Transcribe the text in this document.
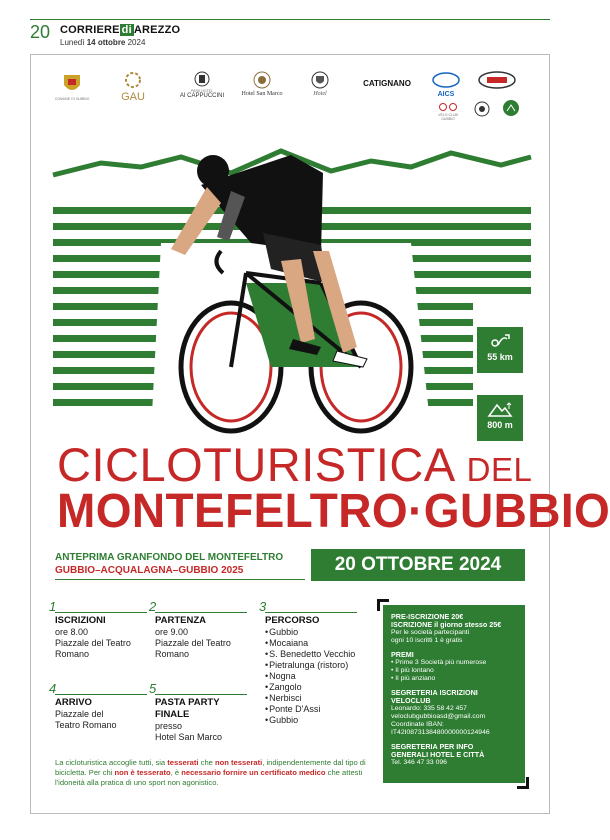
20 CORRIERE di AREZZO
Lunedì 14 ottobre 2024
COMUNE DI GUBBIO	GAU	PARK HOTEL
AI CAPPUCCINI	Hotel San Marco	Hotel
CATIGNANO
AICS
VELO CLUB GUBBIO
55 km
800 m
CICLOTURISTICA DEL
MONTEFELTRO·GUBBIO
ANTEPRIMA GRANFONDO DEL MONTEFELTRO
GUBBIO–ACQUALAGNA–GUBBIO 2025	20 OTTOBRE 2024
1
ISCRIZIONI
ore 8.00
Piazzale del Teatro
Romano
2
PARTENZA
ore 9.00
Piazzale del Teatro
Romano
3
PERCORSO
• Gubbio
• Mocaiana
• S. Benedetto Vecchio
• Pietralunga (ristoro)
• Nogna
• Zangolo
• Nerbisci
• Ponte D'Assi
• Gubbio
4
ARRIVO
Piazzale del
Teatro Romano
5
PASTA PARTY
FINALE
presso
Hotel San Marco
La cicloturistica accoglie tutti, sia tesserati che non tesserati, indipendentemente dal tipo di bicicletta. Per chi non è tesserato, è necessario fornire un certificato medico che attesti l'idoneità alla pratica di uno sport non agonistico.
PRE-ISCRIZIONE 20€
ISCRIZIONE il giorno stesso 25€
Per le società partecipanti
ogni 10 iscritti 1 è gratis
PREMI
• Prime 3 Società più numerose
• Il più lontano
• Il più anziano
SEGRETERIA ISCRIZIONI
VELOCLUB
Leonardo: 335 58 42 457
veloclubgubbioasd@gmail.com
Coordinate IBAN:
IT42I0873138480000000124946
SEGRETERIA PER INFO
GENERALI HOTEL E CITTÀ
Tel. 346 47 33 096
